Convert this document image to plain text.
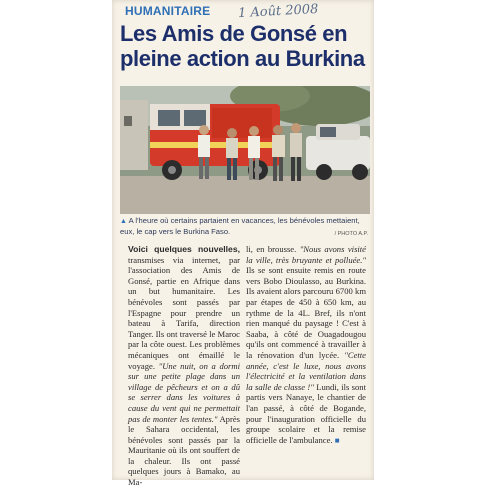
HUMANITAIRE 1 Août 2008
Les Amis de Gonsé en
pleine action au Burkina
▲ A l'heure où certains partaient en vacances, les bénévoles mettaient, eux, le cap vers le Burkina Faso.	/ PHOTO A.P.

Voici quelques nouvelles, transmises via internet, par l'association des Amis de Gonsé, partie en Afrique dans un but humanitaire. Les bénévoles sont passés par l'Espagne pour prendre un bateau à Tarifa, direction Tanger. Ils ont traversé le Maroc par la côte ouest. Les problèmes mécaniques ont émaillé le voyage. "Une nuit, on a dormi sur une petite plage dans un village de pêcheurs et on a dû se serrer dans les voitures à cause du vent qui ne permettait pas de monter les tentes." Après le Sahara occidental, les bénévoles sont passés par la Mauritanie où ils ont souffert de la chaleur. Ils ont passé quelques jours à Bamako, au Ma-

li, en brousse. "Nous avons visité la ville, très bruyante et polluée." Ils se sont ensuite remis en route vers Bobo Dioulasso, au Burkina. Ils avaient alors parcouru 6700 km par étapes de 450 à 650 km, au rythme de la 4L. Bref, ils n'ont rien manqué du paysage ! C'est à Saaba, à côté de Ouagadougou qu'ils ont commencé à travailler à la rénovation d'un lycée. "Cette année, c'est le luxe, nous avons l'électricité et la ventilation dans la salle de classe !" Lundi, ils sont partis vers Nanaye, le chantier de l'an passé, à côté de Bogande, pour l'inauguration officielle du groupe scolaire et la remise officielle de l'ambulance. ■
